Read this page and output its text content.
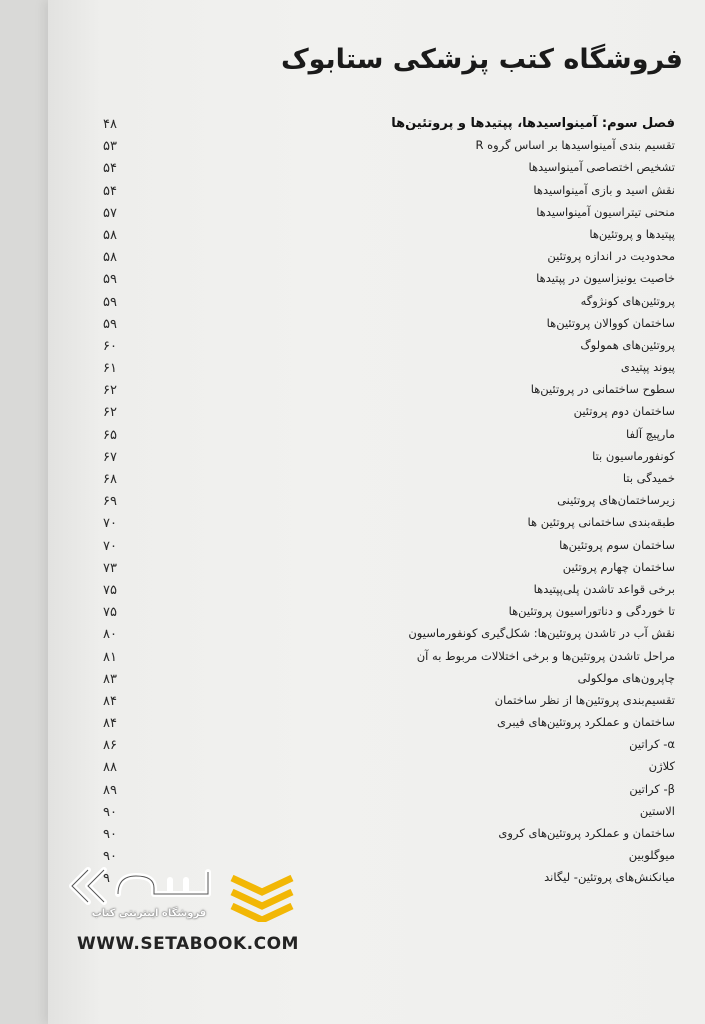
فروشگاه کتب پزشکی ستابوک
فصل سوم: آمینواسیدها، پپتیدها و پروتئین‌ها
۴۸
تقسیم بندی آمینواسیدها بر اساس گروه R
۵۳
تشخیص اختصاصی آمینواسیدها
۵۴
نقش اسید و بازی آمینواسیدها
۵۴
منحنی تیتراسیون آمینواسیدها
۵۷
پپتیدها و پروتئین‌ها
۵۸
محدودیت در اندازه پروتئین
۵۸
خاصیت یونیزاسیون در پپتیدها
۵۹
پروتئین‌های کونژوگه
۵۹
ساختمان کووالان پروتئین‌ها
۵۹
پروتئین‌های همولوگ
۶۰
پیوند پپتیدی
۶۱
سطوح ساختمانی در پروتئین‌ها
۶۲
ساختمان دوم پروتئین
۶۲
مارپیچ آلفا
۶۵
کونفورماسیون بتا
۶۷
خمیدگی بتا
۶۸
زیرساختمان‌های پروتئینی
۶۹
طبقه‌بندی ساختمانی پروتئین ها
۷۰
ساختمان سوم پروتئین‌ها
۷۰
ساختمان چهارم پروتئین
۷۳
برخی قواعد تاشدن پلی‌پپتیدها
۷۵
تا خوردگی و دناتوراسیون پروتئین‌ها
۷۵
نقش آب در تاشدن پروتئین‌ها: شکل‌گیری کونفورماسیون
۸۰
مراحل تاشدن پروتئین‌ها و برخی اختلالات مربوط به آن
۸۱
چاپرون‌های مولکولی
۸۳
تقسیم‌بندی پروتئین‌ها از نظر ساختمان
۸۴
ساختمان و عملکرد پروتئین‌های فیبری
۸۴
α- کراتین
۸۶
کلاژن
۸۸
β- کراتین
۸۹
الاستین
۹۰
ساختمان و عملکرد پروتئین‌های کروی
۹۰
میوگلوبین
۹۰
میانکنش‌های پروتئین- لیگاند
۹
فروشگاه اینترنتی کتاب
WWW.SETABOOK.COM
